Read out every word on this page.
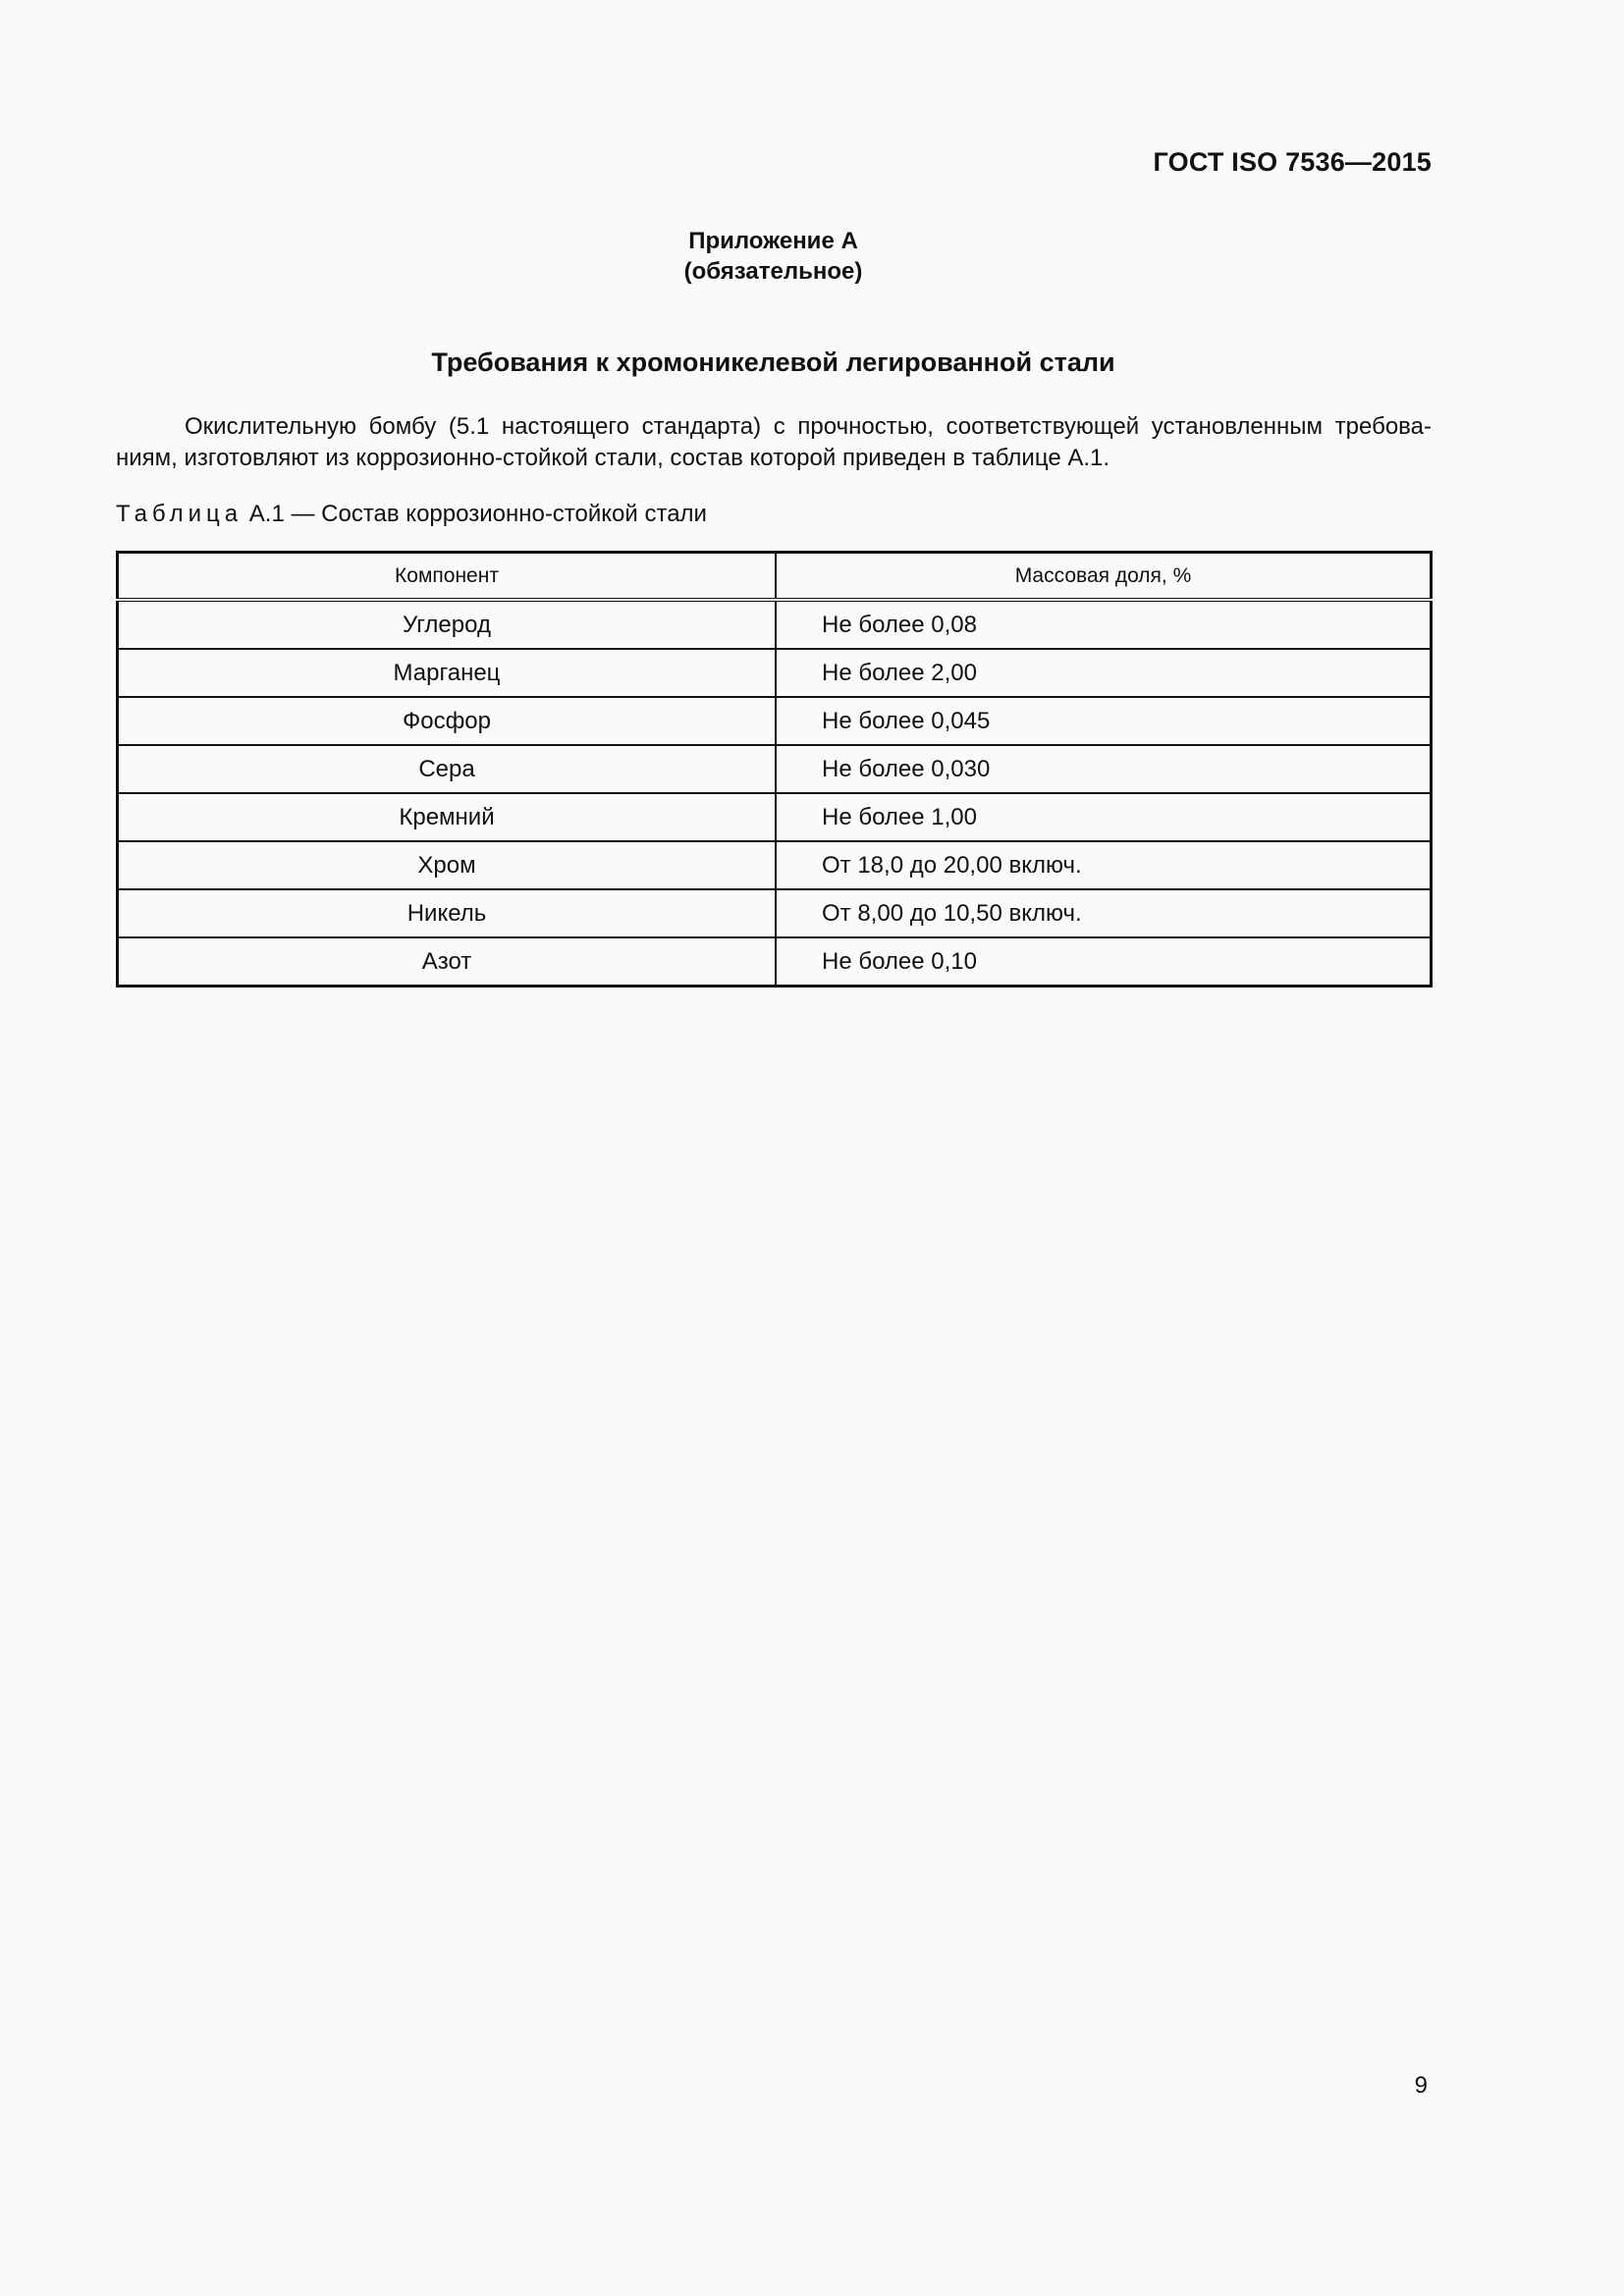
ГОСТ ISO 7536—2015
Приложение А
(обязательное)
Требования к хромоникелевой легированной стали
Окислительную бомбу (5.1 настоящего стандарта) с прочностью, соответствующей установленным требова-
ниям, изготовляют из коррозионно-стойкой стали, состав которой приведен в таблице А.1.
Таблица А.1 — Состав коррозионно-стойкой стали
Компонент	Массовая доля, %
Углерод	Не более 0,08
Марганец	Не более 2,00
Фосфор	Не более 0,045
Сера	Не более 0,030
Кремний	Не более 1,00
Хром	От 18,0 до 20,00 включ.
Никель	От 8,00 до 10,50 включ.
Азот	Не более 0,10
9
